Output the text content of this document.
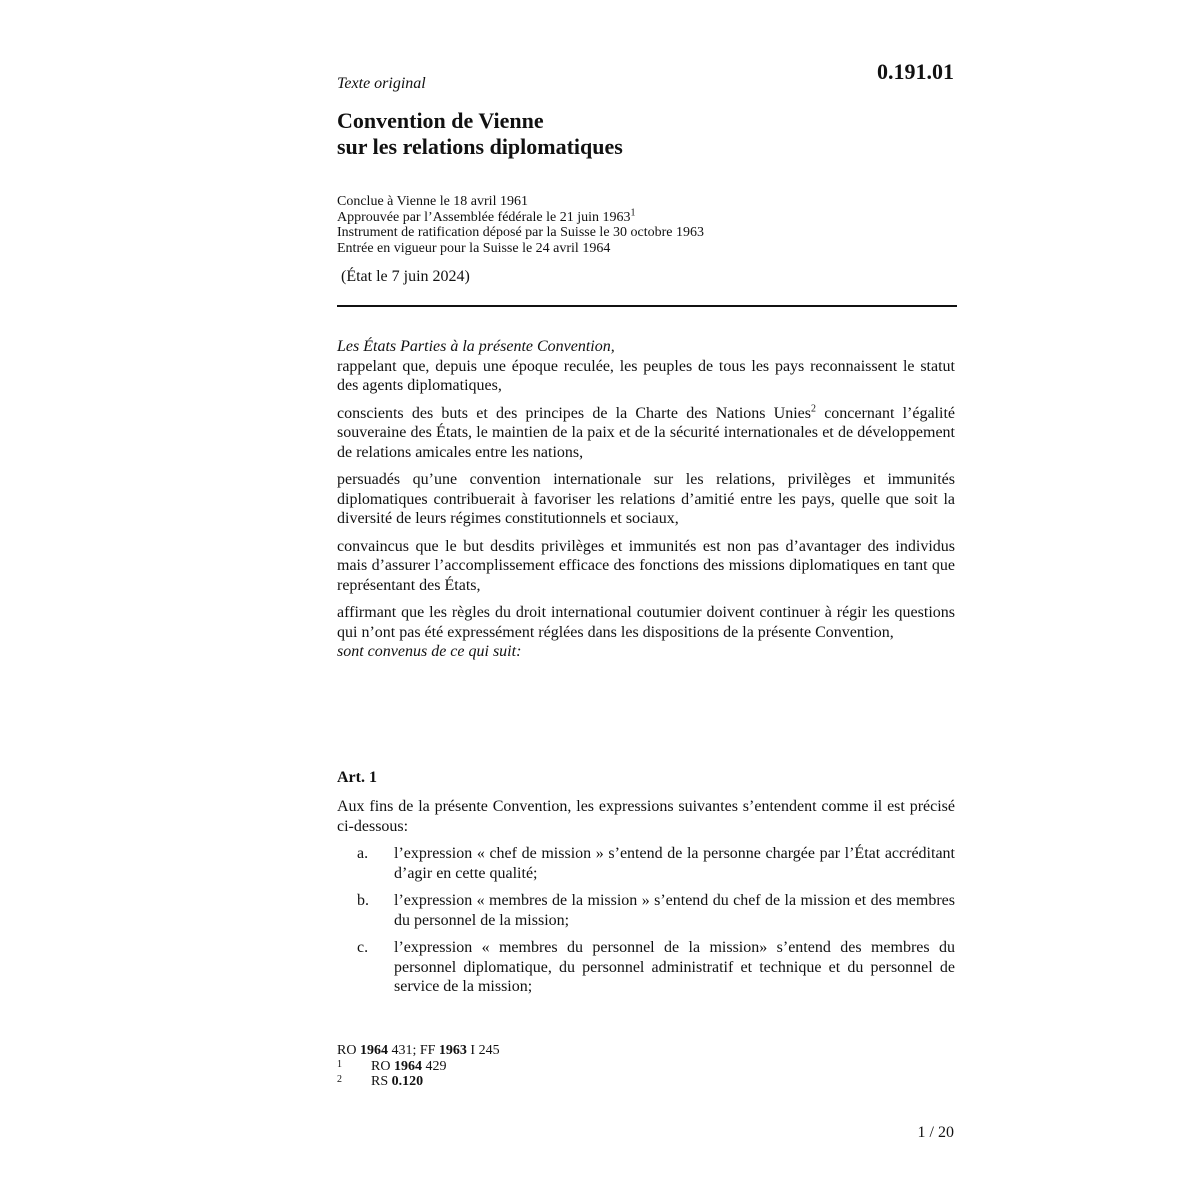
0.191.01
Texte original
Convention de Vienne
sur les relations diplomatiques
Conclue à Vienne le 18 avril 1961
Approuvée par l’Assemblée fédérale le 21 juin 1963$^1$
Instrument de ratification déposé par la Suisse le 30 octobre 1963
Entrée en vigueur pour la Suisse le 24 avril 1964
(État le 7 juin 2024)

Les États Parties à la présente Convention,

rappelant que, depuis une époque reculée, les peuples de tous les pays reconnaissent le statut des agents diplomatiques,

conscients des buts et des principes de la Charte des Nations Unies$^2$ concernant l’égalité souveraine des États, le maintien de la paix et de la sécurité internationales et de développement de relations amicales entre les nations,

persuadés qu’une convention internationale sur les relations, privilèges et immunités diplomatiques contribuerait à favoriser les relations d’amitié entre les pays, quelle que soit la diversité de leurs régimes constitutionnels et sociaux,

convaincus que le but desdits privilèges et immunités est non pas d’avantager des individus mais d’assurer l’accomplissement efficace des fonctions des missions diplomatiques en tant que représentant des États,

affirmant que les règles du droit international coutumier doivent continuer à régir les questions qui n’ont pas été expressément réglées dans les dispositions de la présente Convention,

sont convenus de ce qui suit:

Art. 1

Aux fins de la présente Convention, les expressions suivantes s’entendent comme il est précisé ci-dessous:

a.	l’expression « chef de mission » s’entend de la personne chargée par l’État accréditant d’agir en cette qualité;
b.	l’expression « membres de la mission » s’entend du chef de la mission et des membres du personnel de la mission;
c.	l’expression « membres du personnel de la mission» s’entend des membres du personnel diplomatique, du personnel administratif et technique et du personnel de service de la mission;
RO 1964 431; FF 1963 I 245
1	RO 1964 429
2	RS 0.120
1 / 20
